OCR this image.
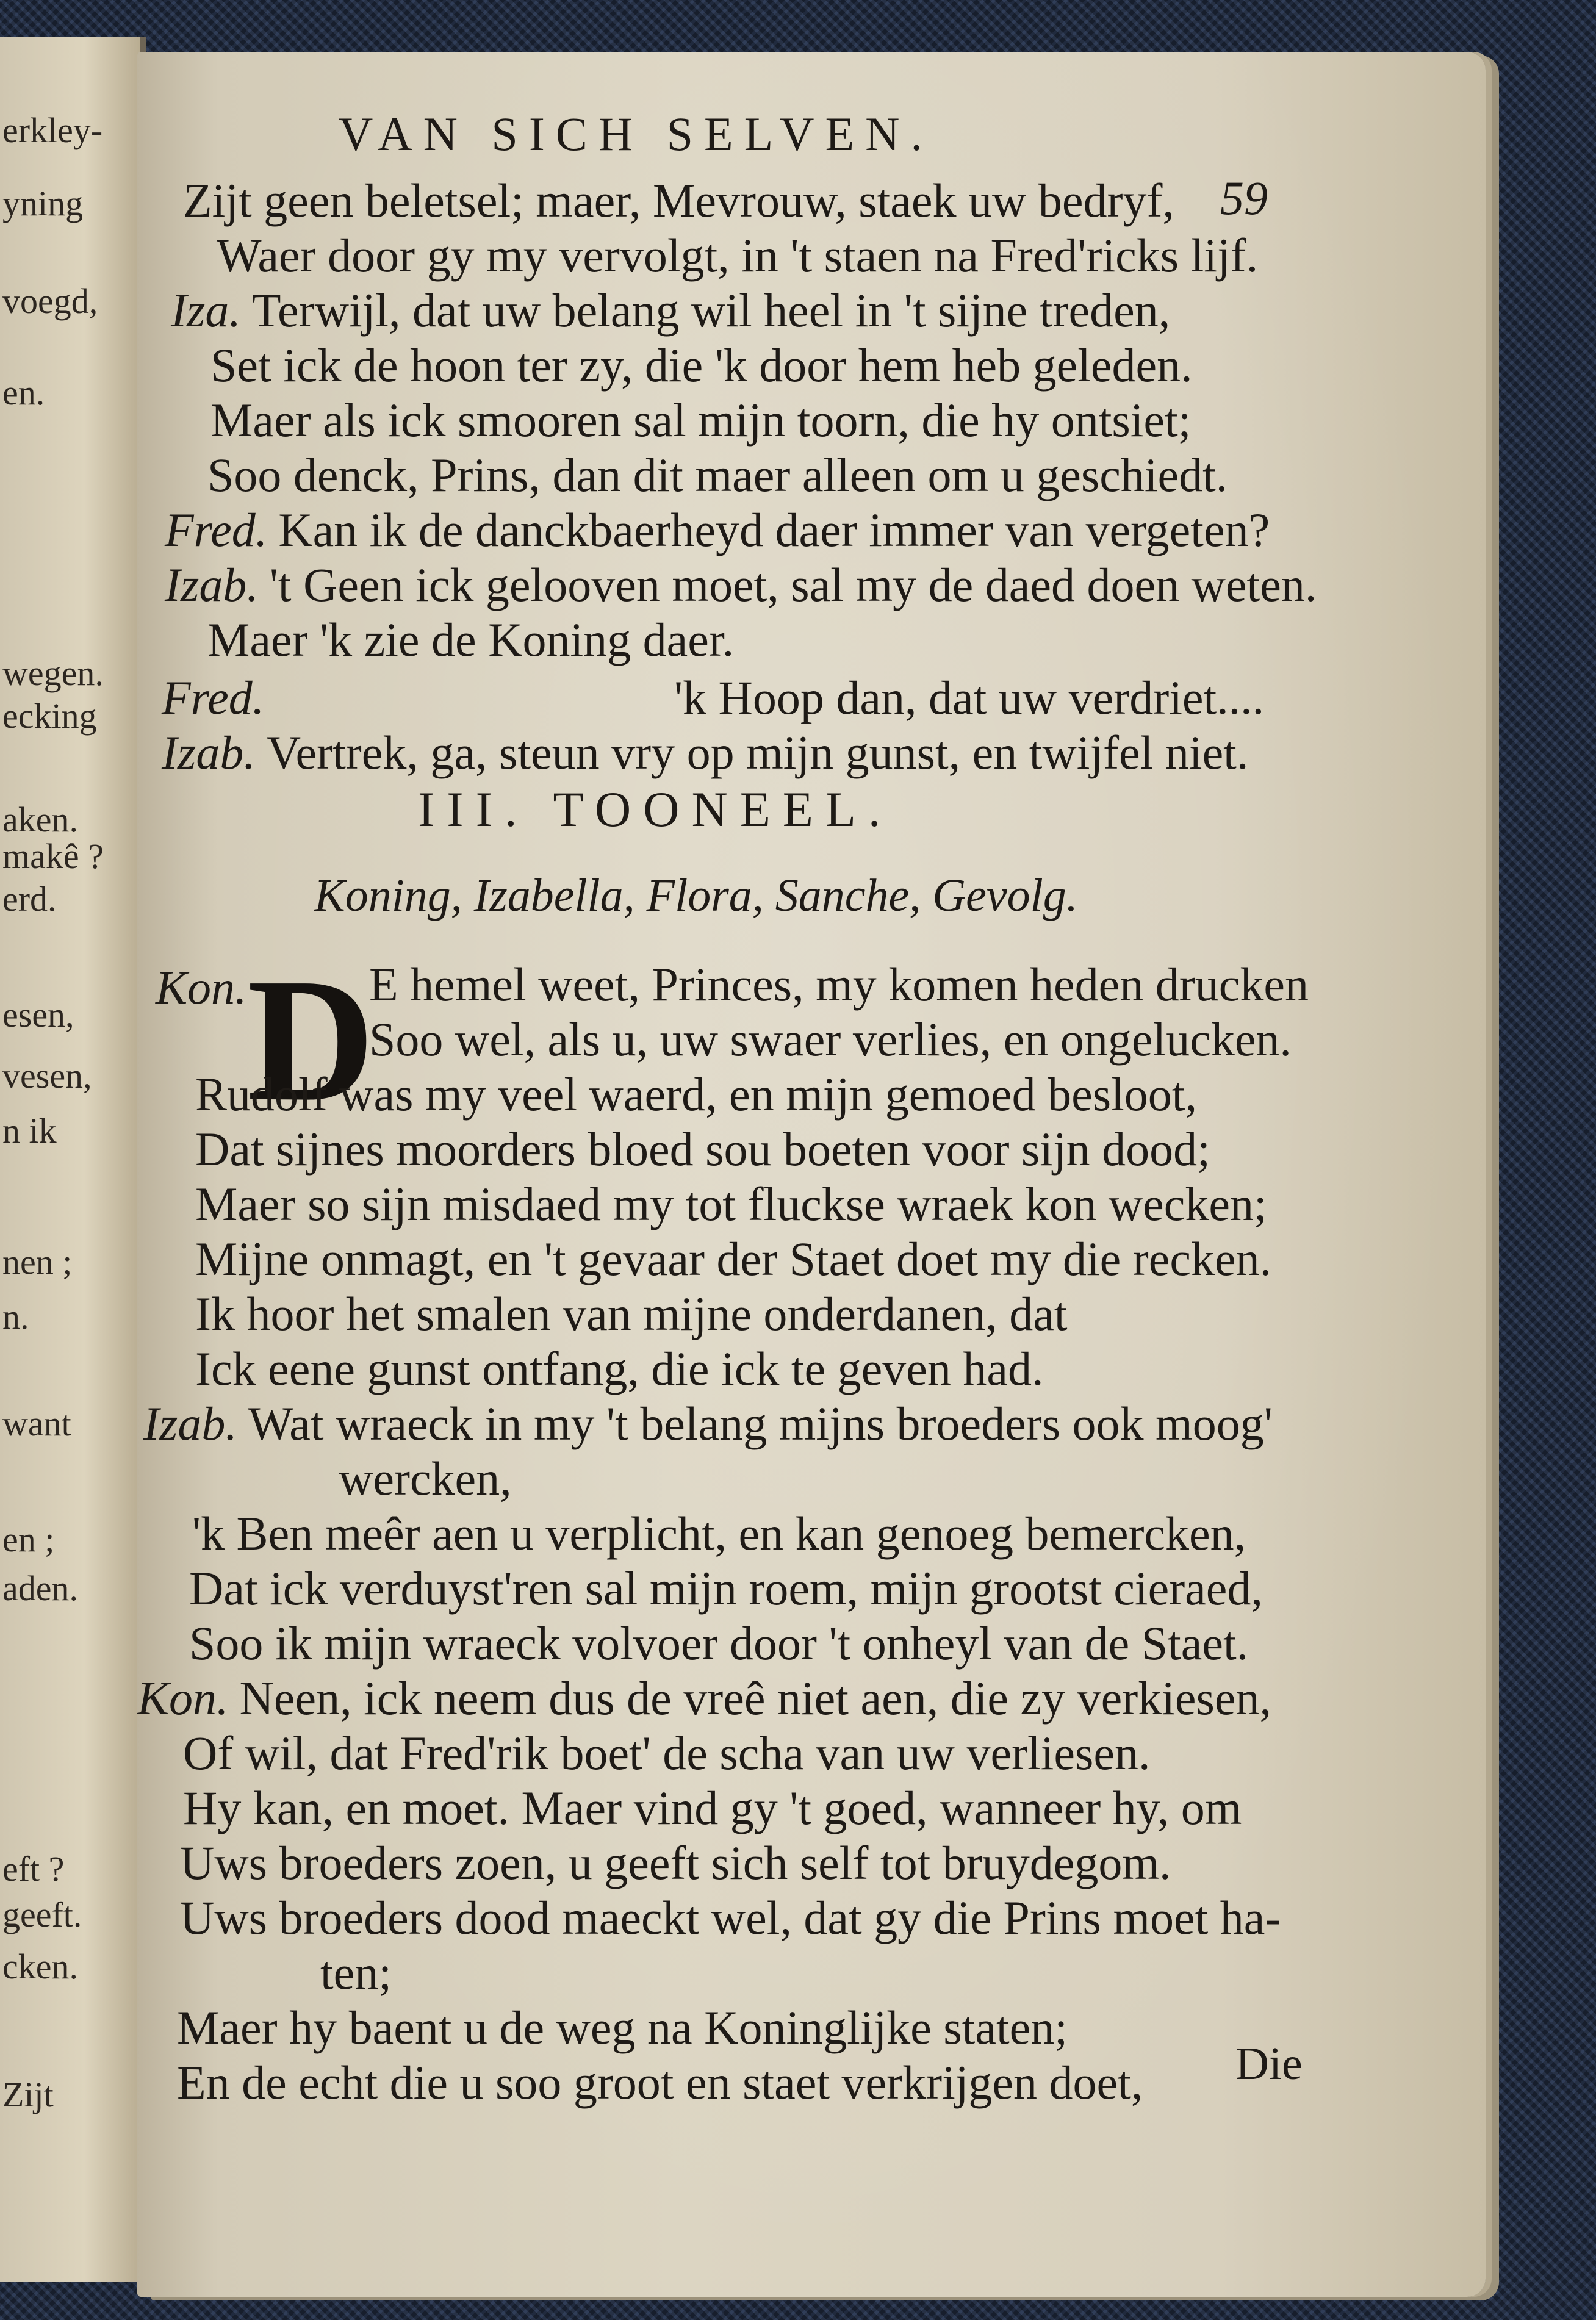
erkley-
yning
voegd,
en.
wegen.
ecking
aken.
makê ?
erd.
esen,
vesen,
n ik
nen ;
n.
want
en ;
aden.
eft ?
geeft.
cken.
Zijt
VAN SICH SELVEN.
59
Zijt geen beletsel; maer, Mevrouw, staek uw bedryf,
Waer door gy my vervolgt, in 't staen na Fred'ricks lijf.
Iza. Terwijl, dat uw belang wil heel in 't sijne treden,
Set ick de hoon ter zy, die 'k door hem heb geleden.
Maer als ick smooren sal mijn toorn, die hy ontsiet;
Soo denck, Prins, dan dit maer alleen om u geschiedt.
Fred. Kan ik de danckbaerheyd daer immer van vergeten?
Izab. 't Geen ick gelooven moet, sal my de daed doen weten.
Maer 'k zie de Koning daer.
Fred.	'k Hoop dan, dat uw verdriet....
Izab. Vertrek, ga, steun vry op mijn gunst, en twijfel niet.
III. TOONEEL.
Koning, Izabella, Flora, Sanche, Gevolg.
Kon. D
E hemel weet, Princes, my komen heden drucken
Soo wel, als u, uw swaer verlies, en ongelucken.
Rudolf was my veel waerd, en mijn gemoed besloot,
Dat sijnes moorders bloed sou boeten voor sijn dood;
Maer so sijn misdaed my tot fluckse wraek kon wecken;
Mijne onmagt, en 't gevaar der Staet doet my die recken.
Ik hoor het smalen van mijne onderdanen, dat
Ick eene gunst ontfang, die ick te geven had.
Izab. Wat wraeck in my 't belang mijns broeders ook moog'
wercken,
'k Ben meêr aen u verplicht, en kan genoeg bemercken,
Dat ick verduyst'ren sal mijn roem, mijn grootst cieraed,
Soo ik mijn wraeck volvoer door 't onheyl van de Staet.
Kon. Neen, ick neem dus de vreê niet aen, die zy verkiesen,
Of wil, dat Fred'rik boet' de scha van uw verliesen.
Hy kan, en moet. Maer vind gy 't goed, wanneer hy, om
Uws broeders zoen, u geeft sich self tot bruydegom.
Uws broeders dood maeckt wel, dat gy die Prins moet ha-
ten;
Maer hy baent u de weg na Koninglijke staten;
En de echt die u soo groot en staet verkrijgen doet, Die
